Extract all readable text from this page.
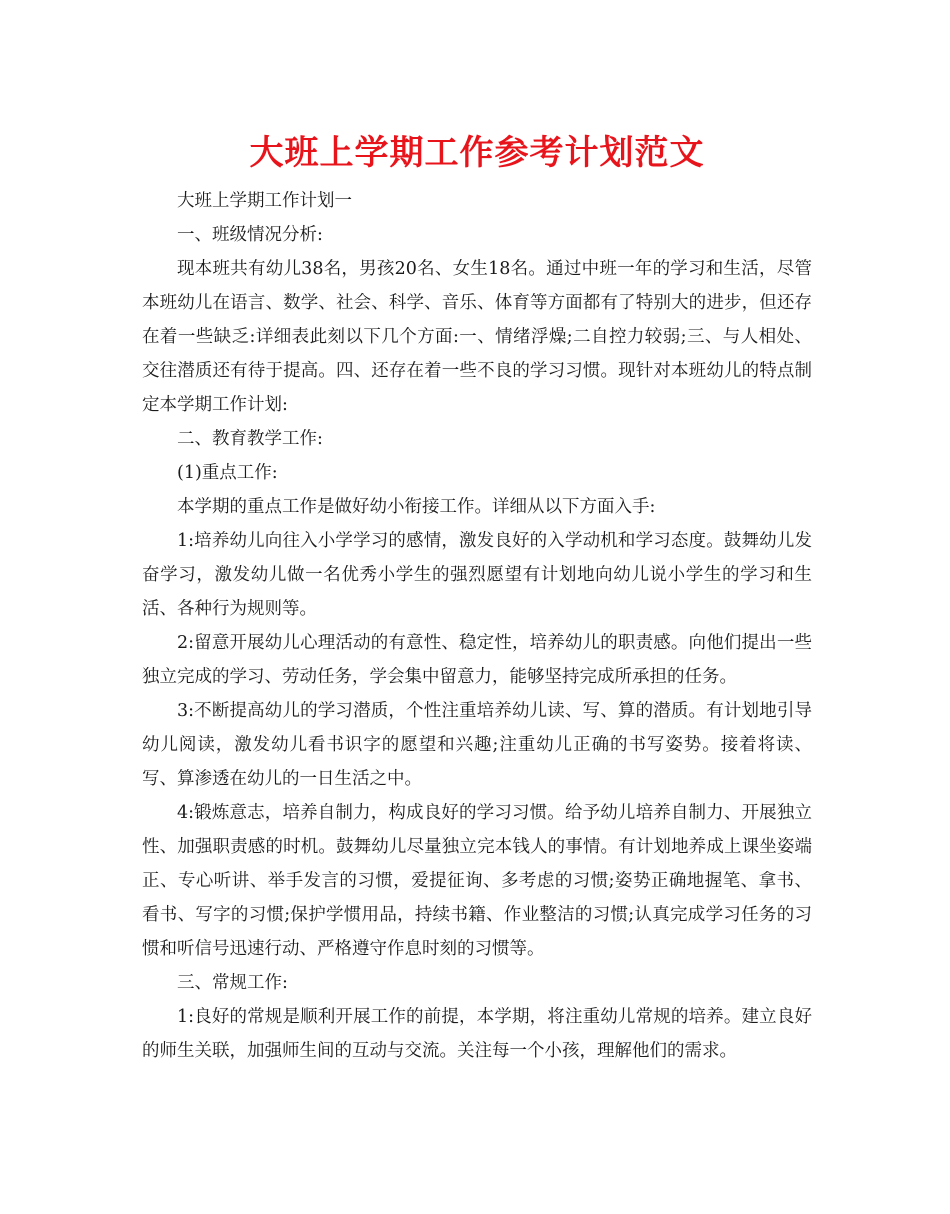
大班上学期工作参考计划范文

大班上学期工作计划一

一、班级情况分析:

现本班共有幼儿38名，男孩20名、女生18名。通过中班一年的学习和生活，尽管本班幼儿在语言、数学、社会、科学、音乐、体育等方面都有了特别大的进步，但还存在着一些缺乏:详细表此刻以下几个方面:一、情绪浮燥;二自控力较弱;三、与人相处、交往潜质还有待于提高。四、还存在着一些不良的学习习惯。现针对本班幼儿的特点制定本学期工作计划:

二、教育教学工作:

(1)重点工作:

本学期的重点工作是做好幼小衔接工作。详细从以下方面入手:

1:培养幼儿向往入小学学习的感情，激发良好的入学动机和学习态度。鼓舞幼儿发奋学习，激发幼儿做一名优秀小学生的强烈愿望有计划地向幼儿说小学生的学习和生活、各种行为规则等。

2:留意开展幼儿心理活动的有意性、稳定性，培养幼儿的职责感。向他们提出一些独立完成的学习、劳动任务，学会集中留意力，能够坚持完成所承担的任务。

3:不断提高幼儿的学习潜质，个性注重培养幼儿读、写、算的潜质。有计划地引导幼儿阅读，激发幼儿看书识字的愿望和兴趣;注重幼儿正确的书写姿势。接着将读、写、算渗透在幼儿的一日生活之中。

4:锻炼意志，培养自制力，构成良好的学习习惯。给予幼儿培养自制力、开展独立性、加强职责感的时机。鼓舞幼儿尽量独立完本钱人的事情。有计划地养成上课坐姿端正、专心听讲、举手发言的习惯，爱提征询、多考虑的习惯;姿势正确地握笔、拿书、看书、写字的习惯;保护学惯用品，持续书籍、作业整洁的习惯;认真完成学习任务的习惯和听信号迅速行动、严格遵守作息时刻的习惯等。

三、常规工作:

1:良好的常规是顺利开展工作的前提，本学期，将注重幼儿常规的培养。建立良好的师生关联，加强师生间的互动与交流。关注每一个小孩，理解他们的需求。
